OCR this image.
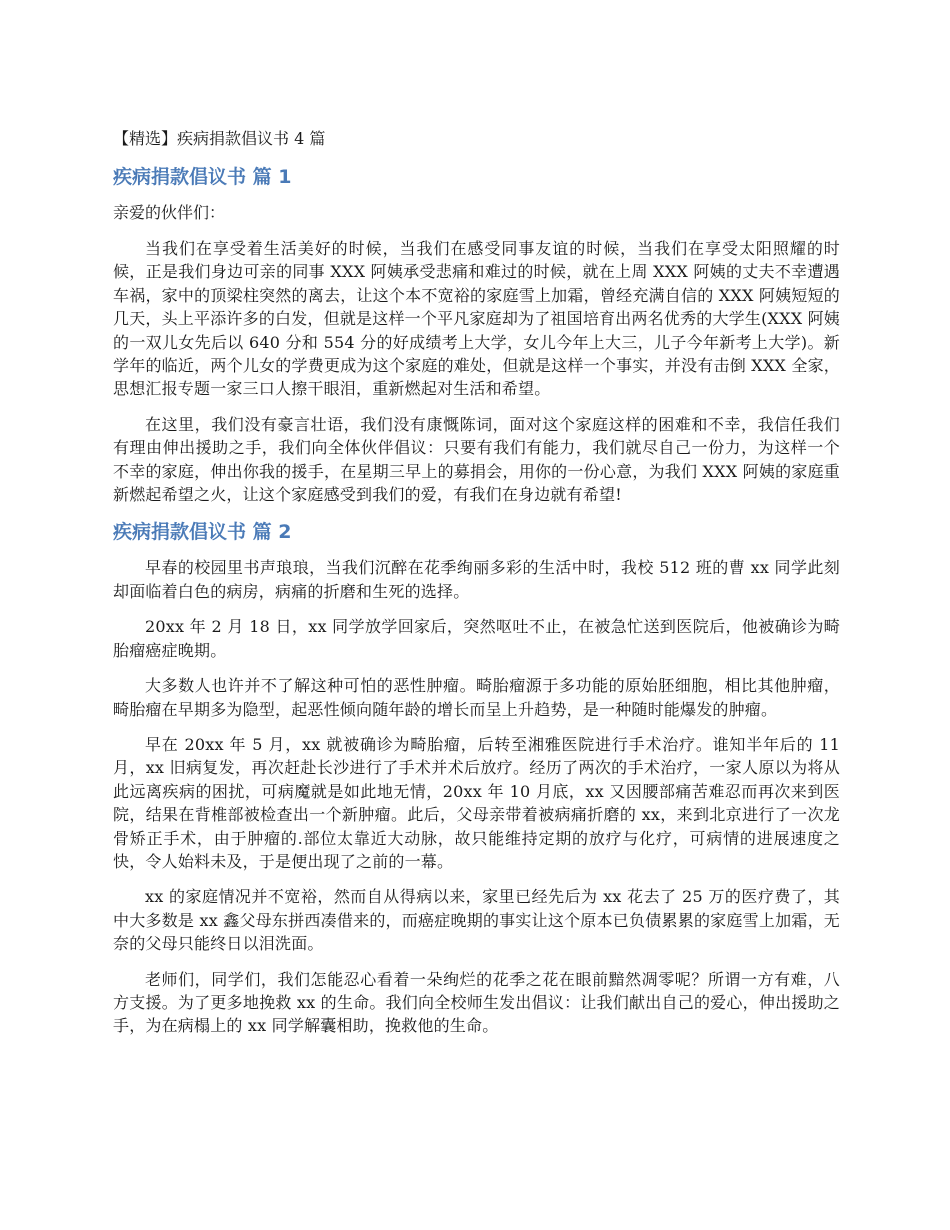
【精选】疾病捐款倡议书 4 篇
疾病捐款倡议书 篇 1

亲爱的伙伴们：

当我们在享受着生活美好的时候，当我们在感受同事友谊的时候，当我们在享受太阳照耀的时候，正是我们身边可亲的同事 XXX 阿姨承受悲痛和难过的时候，就在上周 XXX 阿姨的丈夫不幸遭遇车祸，家中的顶梁柱突然的离去，让这个本不宽裕的家庭雪上加霜，曾经充满自信的 XXX 阿姨短短的几天，头上平添许多的白发，但就是这样一个平凡家庭却为了祖国培育出两名优秀的大学生(XXX 阿姨的一双儿女先后以 640 分和 554 分的好成绩考上大学，女儿今年上大三，儿子今年新考上大学)。新学年的临近，两个儿女的学费更成为这个家庭的难处，但就是这样一个事实，并没有击倒 XXX 全家，思想汇报专题一家三口人擦干眼泪，重新燃起对生活和希望。

在这里，我们没有豪言壮语，我们没有康慨陈词，面对这个家庭这样的困难和不幸，我信任我们有理由伸出援助之手，我们向全体伙伴倡议：只要有我们有能力，我们就尽自己一份力，为这样一个不幸的家庭，伸出你我的援手，在星期三早上的募捐会，用你的一份心意，为我们 XXX 阿姨的家庭重新燃起希望之火，让这个家庭感受到我们的爱，有我们在身边就有希望!

疾病捐款倡议书 篇 2

早春的校园里书声琅琅，当我们沉醉在花季绚丽多彩的生活中时，我校 512 班的曹 xx 同学此刻却面临着白色的病房，病痛的折磨和生死的选择。

20xx 年 2 月 18 日，xx 同学放学回家后，突然呕吐不止，在被急忙送到医院后，他被确诊为畸胎瘤癌症晚期。

大多数人也许并不了解这种可怕的恶性肿瘤。畸胎瘤源于多功能的原始胚细胞，相比其他肿瘤，畸胎瘤在早期多为隐型，起恶性倾向随年龄的增长而呈上升趋势，是一种随时能爆发的肿瘤。

早在 20xx 年 5 月，xx 就被确诊为畸胎瘤，后转至湘雅医院进行手术治疗。谁知半年后的 11 月，xx 旧病复发，再次赶赴长沙进行了手术并术后放疗。经历了两次的手术治疗，一家人原以为将从此远离疾病的困扰，可病魔就是如此地无情，20xx 年 10 月底，xx 又因腰部痛苦难忍而再次来到医院，结果在背椎部被检查出一个新肿瘤。此后，父母亲带着被病痛折磨的 xx，来到北京进行了一次龙骨矫正手术，由于肿瘤的.部位太靠近大动脉，故只能维持定期的放疗与化疗，可病情的进展速度之快，令人始料未及，于是便出现了之前的一幕。

xx 的家庭情况并不宽裕，然而自从得病以来，家里已经先后为 xx 花去了 25 万的医疗费了，其中大多数是 xx 鑫父母东拼西凑借来的，而癌症晚期的事实让这个原本已负债累累的家庭雪上加霜，无奈的父母只能终日以泪洗面。

老师们，同学们，我们怎能忍心看着一朵绚烂的花季之花在眼前黯然凋零呢？所谓一方有难，八方支援。为了更多地挽救 xx 的生命。我们向全校师生发出倡议：让我们献出自己的爱心，伸出援助之手，为在病榻上的 xx 同学解囊相助，挽救他的生命。
